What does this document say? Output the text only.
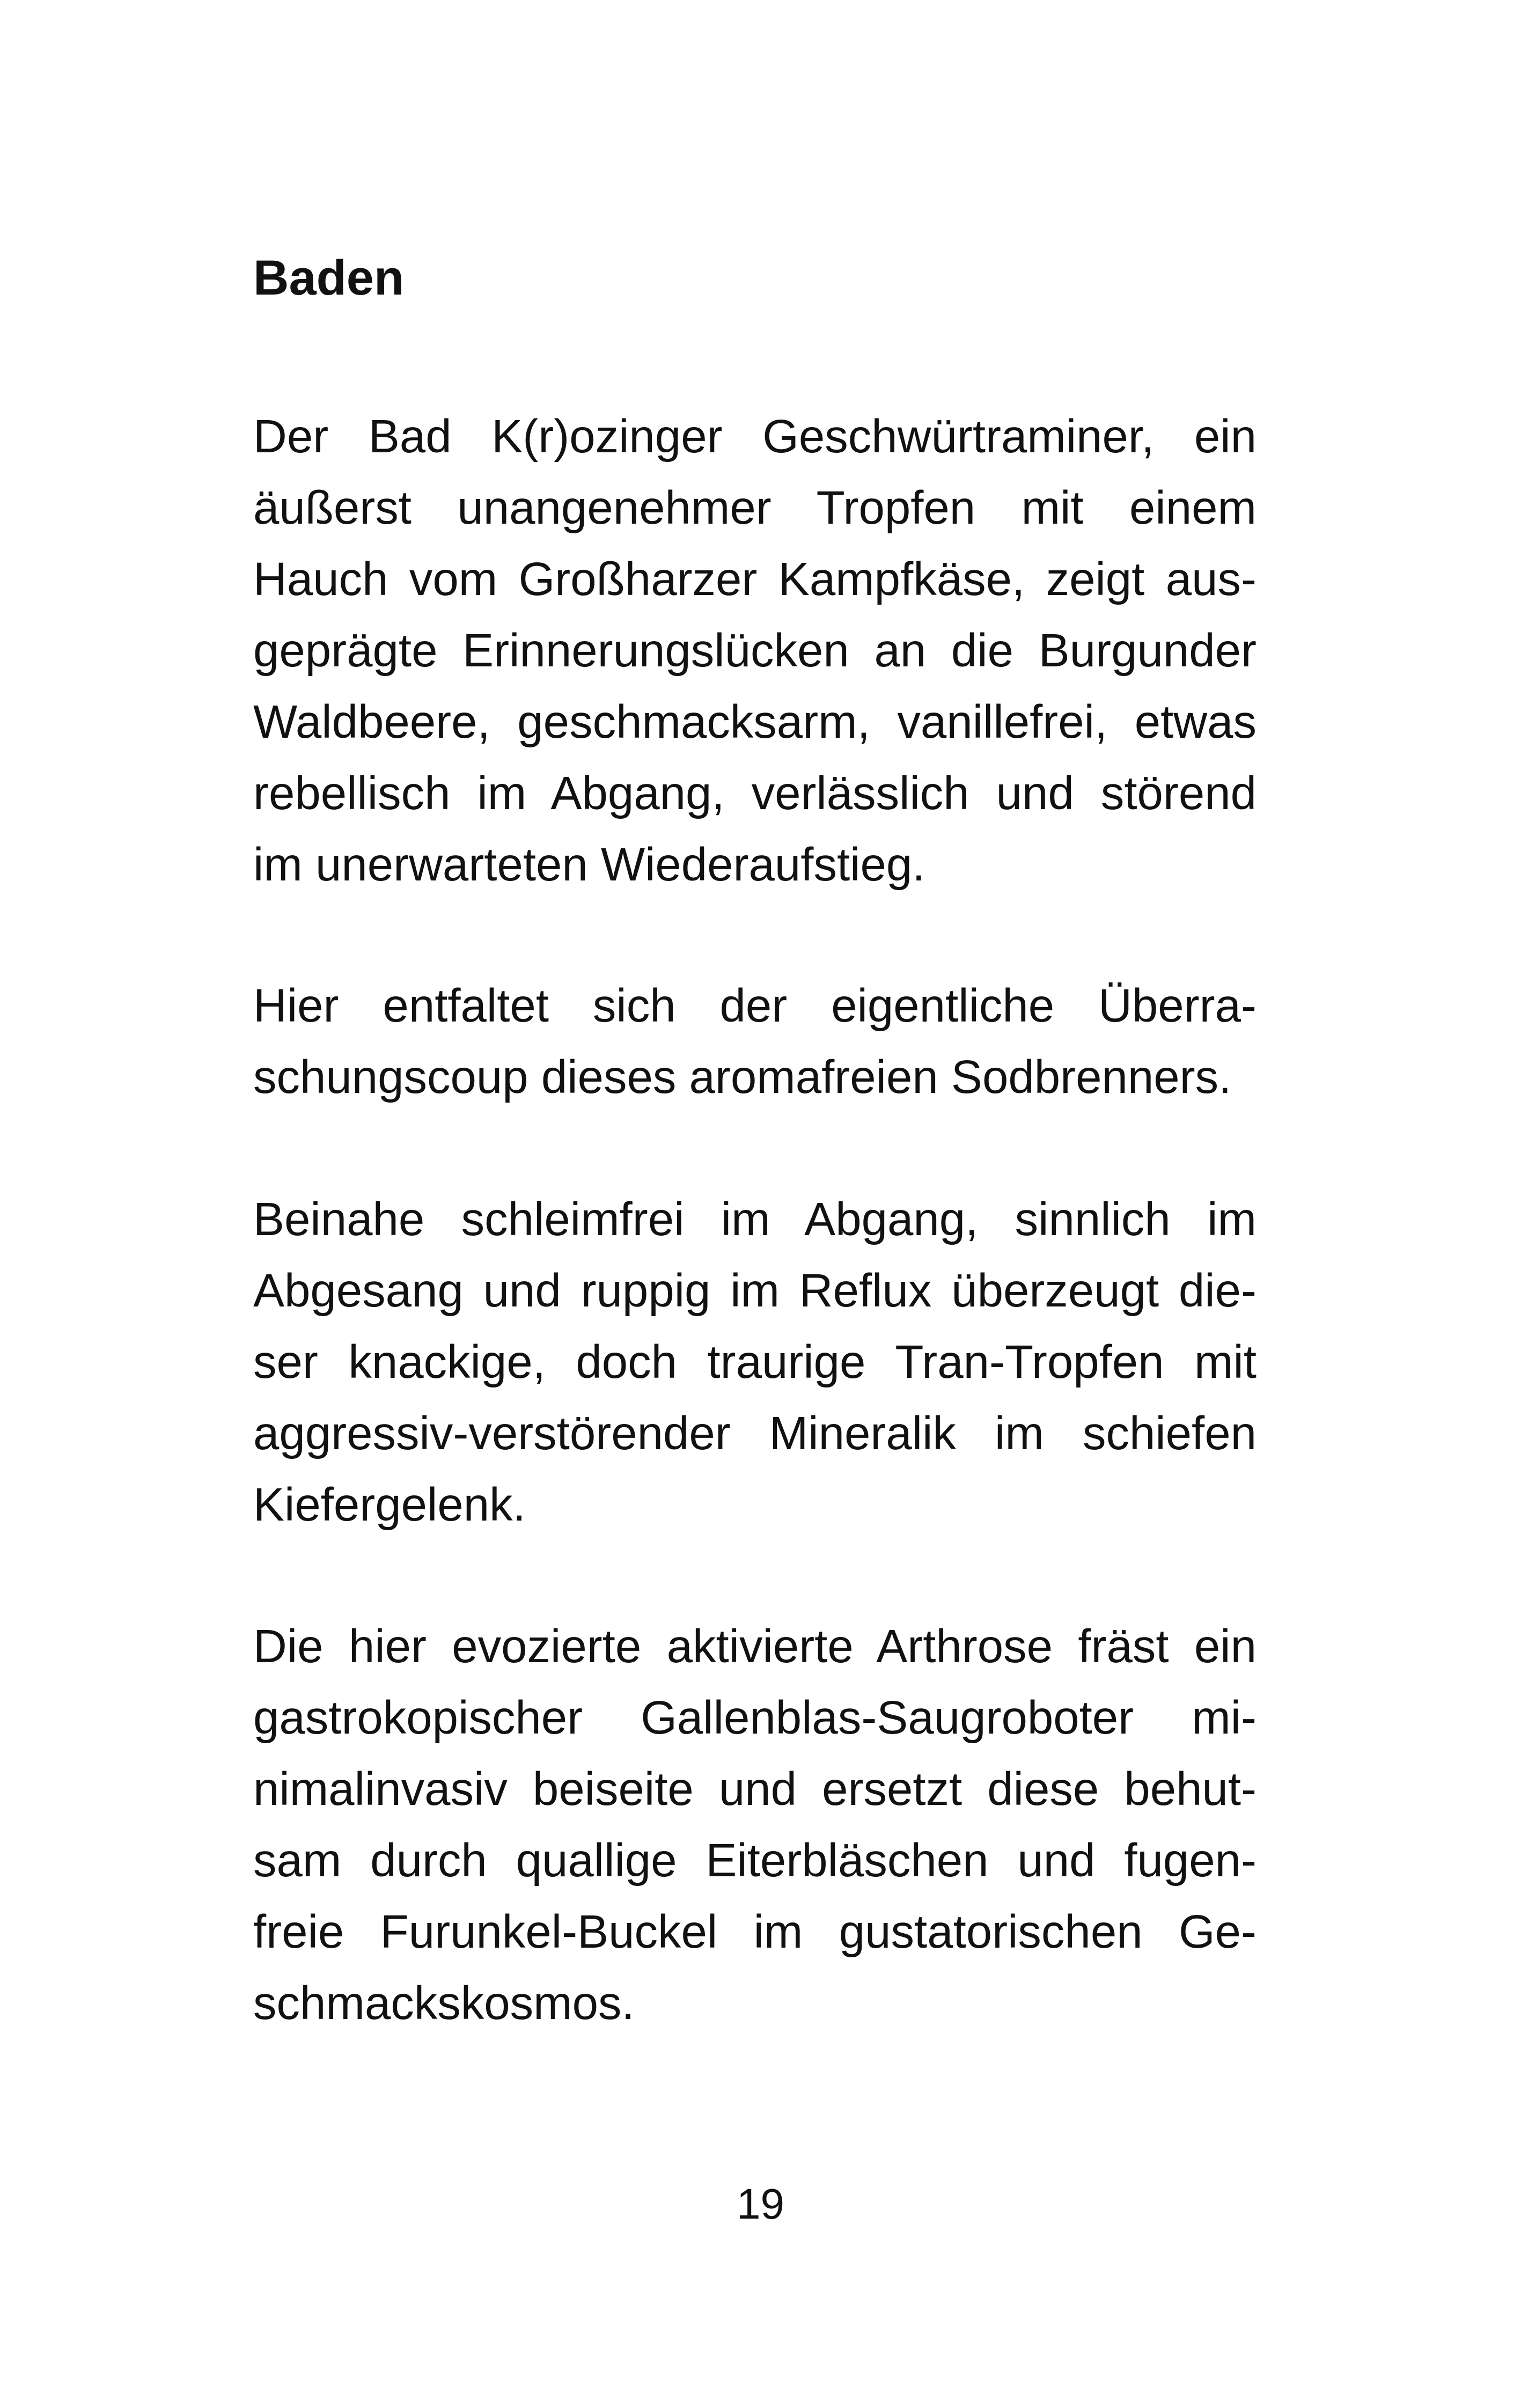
Baden
Der Bad K(r)ozinger Geschwürtraminer, ein
äußerst unangenehmer Tropfen mit einem
Hauch vom Großharzer Kampfkäse, zeigt aus-
geprägte Erinnerungslücken an die Burgunder
Waldbeere, geschmacksarm, vanillefrei, etwas
rebellisch im Abgang, verlässlich und störend
im unerwarteten Wiederaufstieg.
Hier entfaltet sich der eigentliche Überra-
schungscoup dieses aromafreien Sodbrenners.
Beinahe schleimfrei im Abgang, sinnlich im
Abgesang und ruppig im Reflux überzeugt die-
ser knackige, doch traurige Tran-Tropfen mit
aggressiv-verstörender Mineralik im schiefen
Kiefergelenk.
Die hier evozierte aktivierte Arthrose fräst ein
gastrokopischer Gallenblas-Saugroboter mi-
nimalinvasiv beiseite und ersetzt diese behut-
sam durch quallige Eiterbläschen und fugen-
freie Furunkel-Buckel im gustatorischen Ge-
schmackskosmos.
19
